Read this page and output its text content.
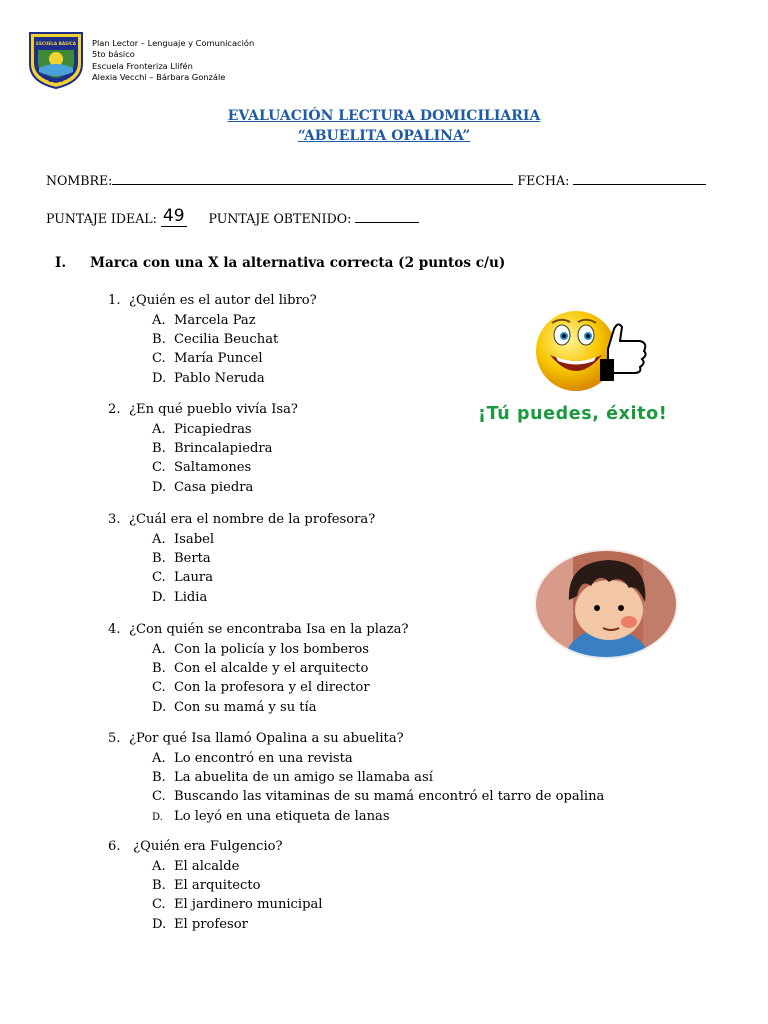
ESCUELA BASICA
LLIFEN
Plan Lector – Lenguaje y Comunicación
5to básico
Escuela Fronteriza Llifén
Alexia Vecchi – Bárbara Gonzále
EVALUACIÓN LECTURA DOMICILIARIA
“ABUELITA OPALINA”
NOMBRE:	FECHA:
PUNTAJE IDEAL: 49 PUNTAJE OBTENIDO:
I. Marca con una X la alternativa correcta (2 puntos c/u)
1. ¿Quién es el autor del libro?
A. Marcela Paz
B. Cecilia Beuchat
C. María Puncel
D. Pablo Neruda
2. ¿En qué pueblo vivía Isa?
A. Picapiedras
B. Brincalapiedra
C. Saltamones
D. Casa piedra
3. ¿Cuál era el nombre de la profesora?
A. Isabel
B. Berta
C. Laura
D. Lidia
4. ¿Con quién se encontraba Isa en la plaza?
A. Con la policía y los bomberos
B. Con el alcalde y el arquitecto
C. Con la profesora y el director
D. Con su mamá y su tía
5. ¿Por qué Isa llamó Opalina a su abuelita?
A. Lo encontró en una revista
B. La abuelita de un amigo se llamaba así
C. Buscando las vitaminas de su mamá encontró el tarro de opalina
D. Lo leyó en una etiqueta de lanas
6. ¿Quién era Fulgencio?
A. El alcalde
B. El arquitecto
C. El jardinero municipal
D. El profesor
¡Tú puedes, éxito!
